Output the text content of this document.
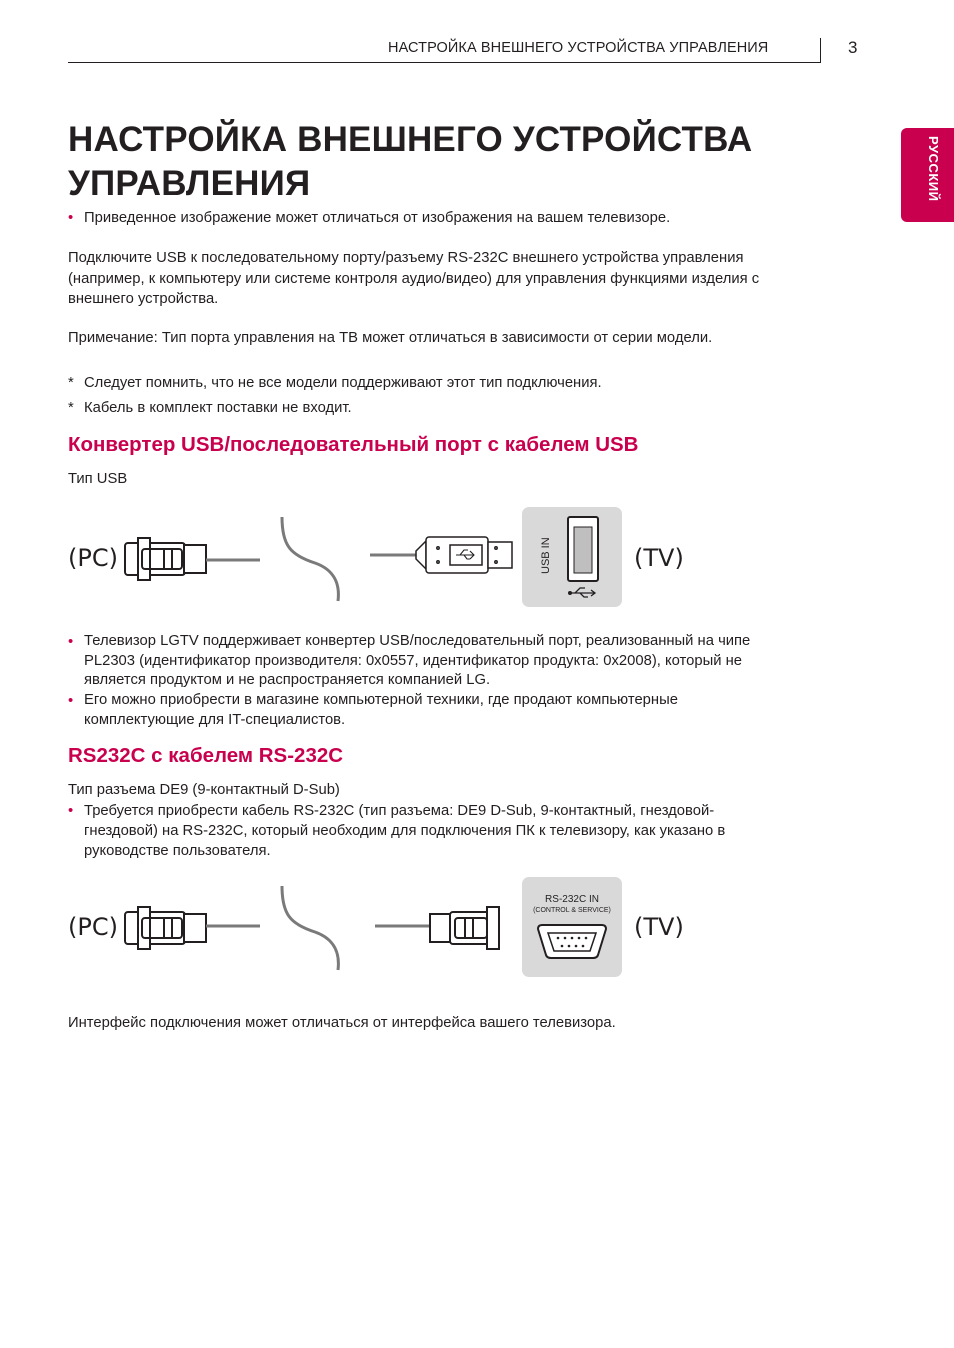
НАСТРОЙКА ВНЕШНЕГО УСТРОЙСТВА УПРАВЛЕНИЯ	3
РУССКИЙ
НАСТРОЙКА ВНЕШНЕГО УСТРОЙСТВА
УПРАВЛЕНИЯ
• Приведенное изображение может отличаться от изображения на вашем телевизоре.

Подключите USB к последовательному порту/разъему RS-232C внешнего устройства управления
(например, к компьютеру или системе контроля аудио/видео) для управления функциями изделия с
внешнего устройства.

Примечание: Тип порта управления на ТВ может отличаться в зависимости от серии модели.

* Следует помнить, что не все модели поддерживают этот тип подключения.
* Кабель в комплект поставки не входит.
Конвертер USB/последовательный порт с кабелем USB
Тип USB
(PC)	(TV)
USB IN
• Телевизор LGTV поддерживает конвертер USB/последовательный порт, реализованный на чипе
PL2303 (идентификатор производителя: 0x0557, идентификатор продукта: 0x2008), который не
является продуктом и не распространяется компанией LG.
• Его можно приобрести в магазине компьютерной техники, где продают компьютерные
комплектующие для IT-специалистов.
RS232C с кабелем RS-232C
Тип разъема DE9 (9-контактный D-Sub)
• Требуется приобрести кабель RS-232C (тип разъема: DE9 D-Sub, 9-контактный, гнездовой-
гнездовой) на RS-232C, который необходим для подключения ПК к телевизору, как указано в
руководстве пользователя.
(PC)	(TV)
RS-232C IN
(CONTROL & SERVICE)
Интерфейс подключения может отличаться от интерфейса вашего телевизора.
